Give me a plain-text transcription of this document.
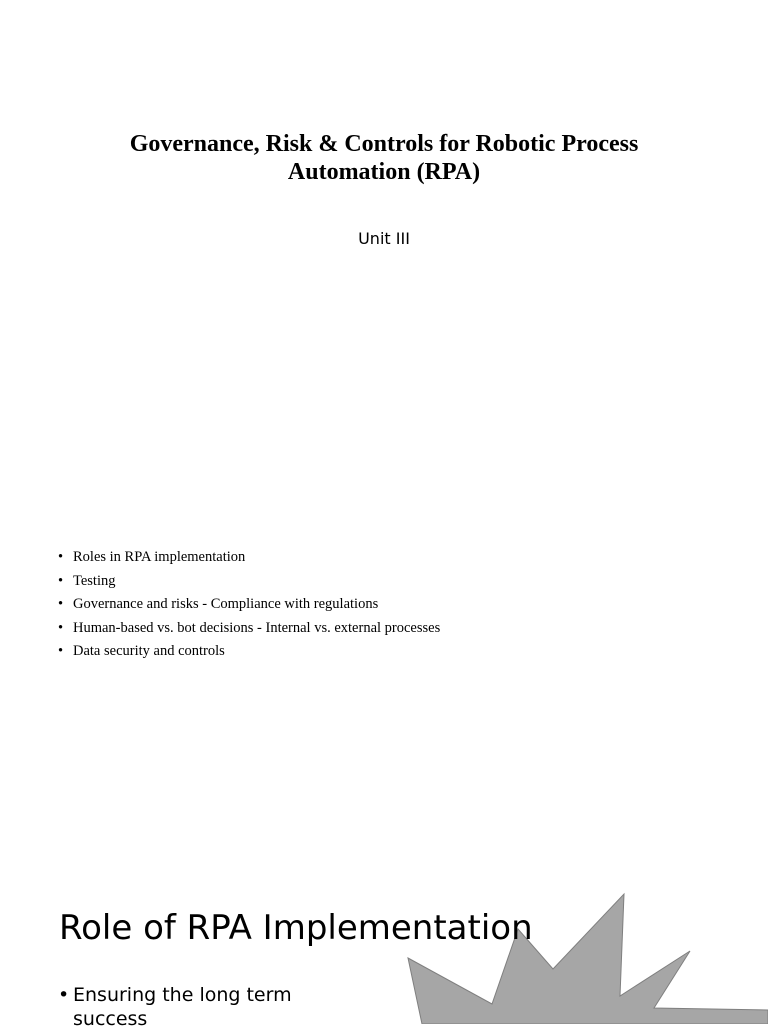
Governance, Risk & Controls for Robotic Process
Automation (RPA)
Unit III
• Roles in RPA implementation
• Testing
• Governance and risks - Compliance with regulations
• Human-based vs. bot decisions - Internal vs. external processes
• Data security and controls
Role of RPA Implementation
• Ensuring the long term success
